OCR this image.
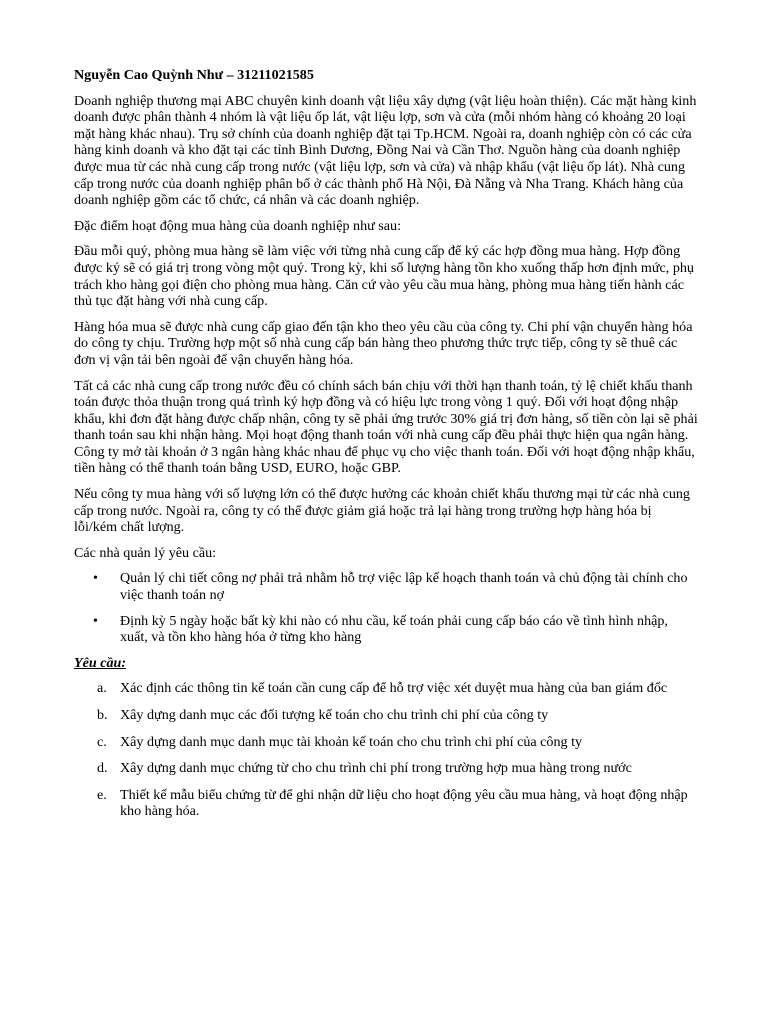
Nguyễn Cao Quỳnh Như – 31211021585

Doanh nghiệp thương mại ABC chuyên kinh doanh vật liệu xây dựng (vật liệu hoàn thiện). Các mặt hàng kinh doanh được phân thành 4 nhóm là vật liệu ốp lát, vật liệu lợp, sơn và cửa (mỗi nhóm hàng có khoảng 20 loại mặt hàng khác nhau). Trụ sở chính của doanh nghiệp đặt tại Tp.HCM. Ngoài ra, doanh nghiệp còn có các cửa hàng kinh doanh và kho đặt tại các tỉnh Bình Dương, Đồng Nai và Cần Thơ. Nguồn hàng của doanh nghiệp được mua từ các nhà cung cấp trong nước (vật liệu lợp, sơn và cửa) và nhập khẩu (vật liệu ốp lát). Nhà cung cấp trong nước của doanh nghiệp phân bố ở các thành phố Hà Nội, Đà Nẵng và Nha Trang. Khách hàng của doanh nghiệp gồm các tổ chức, cá nhân và các doanh nghiệp.

Đặc điểm hoạt động mua hàng của doanh nghiệp như sau:

Đầu mỗi quý, phòng mua hàng sẽ làm việc với từng nhà cung cấp để ký các hợp đồng mua hàng. Hợp đồng được ký sẽ có giá trị trong vòng một quý. Trong kỳ, khi số lượng hàng tồn kho xuống thấp hơn định mức, phụ trách kho hàng gọi điện cho phòng mua hàng. Căn cứ vào yêu cầu mua hàng, phòng mua hàng tiến hành các thủ tục đặt hàng với nhà cung cấp.

Hàng hóa mua sẽ được nhà cung cấp giao đến tận kho theo yêu cầu của công ty. Chi phí vận chuyển hàng hóa do công ty chịu. Trường hợp một số nhà cung cấp bán hàng theo phương thức trực tiếp, công ty sẽ thuê các đơn vị vận tải bên ngoài để vận chuyển hàng hóa.

Tất cả các nhà cung cấp trong nước đều có chính sách bán chịu với thời hạn thanh toán, tỷ lệ chiết khấu thanh toán được thỏa thuận trong quá trình ký hợp đồng và có hiệu lực trong vòng 1 quý. Đối với hoạt động nhập khẩu, khi đơn đặt hàng được chấp nhận, công ty sẽ phải ứng trước 30% giá trị đơn hàng, số tiền còn lại sẽ phải thanh toán sau khi nhận hàng. Mọi hoạt động thanh toán với nhà cung cấp đều phải thực hiện qua ngân hàng. Công ty mở tài khoản ở 3 ngân hàng khác nhau để phục vụ cho việc thanh toán. Đối với hoạt động nhập khẩu, tiền hàng có thể thanh toán bằng USD, EURO, hoặc GBP.

Nếu công ty mua hàng với số lượng lớn có thể được hưởng các khoản chiết khấu thương mại từ các nhà cung cấp trong nước. Ngoài ra, công ty có thể được giảm giá hoặc trả lại hàng trong trường hợp hàng hóa bị lỗi/kém chất lượng.

Các nhà quản lý yêu cầu:

• Quản lý chi tiết công nợ phải trả nhằm hỗ trợ việc lập kế hoạch thanh toán và chủ động tài chính cho việc thanh toán nợ
• Định kỳ 5 ngày hoặc bất kỳ khi nào có nhu cầu, kế toán phải cung cấp báo cáo về tình hình nhập, xuất, và tồn kho hàng hóa ở từng kho hàng
Yêu cầu:
a. Xác định các thông tin kế toán cần cung cấp để hỗ trợ việc xét duyệt mua hàng của ban giám đốc
b. Xây dựng danh mục các đối tượng kế toán cho chu trình chi phí của công ty
c. Xây dựng danh mục danh mục tài khoản kế toán cho chu trình chi phí của công ty
d. Xây dựng danh mục chứng từ cho chu trình chi phí trong trường hợp mua hàng trong nước
e. Thiết kế mẫu biểu chứng từ để ghi nhận dữ liệu cho hoạt động yêu cầu mua hàng, và hoạt động nhập kho hàng hóa.
